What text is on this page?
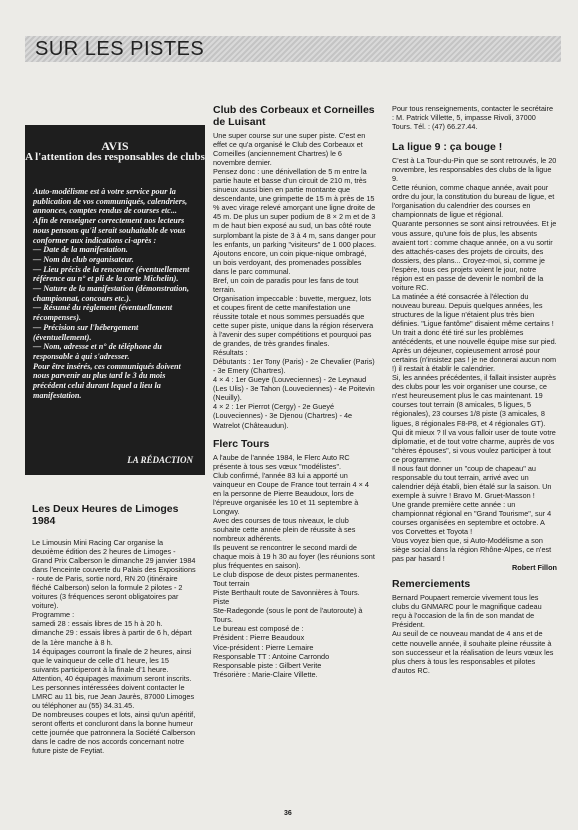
SUR LES PISTES
AVIS
A l'attention des responsables de clubs

Auto-modélisme est à votre service pour la publication de vos communiqués, calendriers, annonces, comptes rendus de courses etc...

Afin de renseigner correctement nos lecteurs nous pensons qu'il serait souhaitable de vous conformer aux indications ci-après :

— Date de la manifestation.

— Nom du club organisateur.

— Lieu précis de la rencontre (éventuellement référence au n° et pli de la carte Michelin).

— Nature de la manifestation (démonstration, championnat, concours etc.).

— Résumé du règlement (éventuellement récompenses).

— Précision sur l'hébergement (éventuellement).

— Nom, adresse et n° de téléphone du responsable à qui s'adresser.

Pour être insérés, ces communiqués doivent nous parvenir au plus tard le 3 du mois précédent celui durant lequel a lieu la manifestation.

LA RÉDACTION
Les Deux Heures de Limoges 1984

Le Limousin Mini Racing Car organise la deuxième édition des 2 heures de Limoges - Grand Prix Calberson le dimanche 29 janvier 1984 dans l'enceinte couverte du Palais des Expositions - route de Paris, sortie nord, RN 20 (itinéraire fléché Calberson) selon la formule 2 pilotes - 2 voitures (3 fréquences seront obligatoires par voiture).

Programme :

samedi 28 : essais libres de 15 h à 20 h.

dimanche 29 : essais libres à partir de 6 h, départ de la 1ère manche à 8 h.

14 équipages courront la finale de 2 heures, ainsi que le vainqueur de celle d'1 heure, les 15 suivants participeront à la finale d'1 heure.

Attention, 40 équipages maximum seront inscrits. Les personnes intéressées doivent contacter le LMRC au 11 bis, rue Jean Jaurès, 87000 Limoges ou téléphoner au (55) 34.31.45.

De nombreuses coupes et lots, ainsi qu'un apéritif, seront offerts et concluront dans la bonne humeur cette journée que patronnera la Société Calberson dans le cadre de nos accords concernant notre future piste de Feytiat.

Club des Corbeaux et Corneilles de Luisant

Une super course sur une super piste. C'est en effet ce qu'a organisé le Club des Corbeaux et Corneilles (anciennement Chartres) le 6 novembre dernier.

Pensez donc : une dénivellation de 5 m entre la partie haute et basse d'un circuit de 210 m, très sinueux aussi bien en partie montante que descendante, une grimpette de 15 m à près de 15 % avec virage relevé amorçant une ligne droite de 45 m. De plus un super podium de 8 × 2 m et de 3 m de haut bien exposé au sud, un bas côté route surplombant la piste de 3 à 4 m, sans danger pour les enfants, un parking "visiteurs" de 1 000 places.

Ajoutons encore, un coin pique-nique ombragé, un bois verdoyant, des promenades possibles dans le parc communal.

Bref, un coin de paradis pour les fans de tout terrain.

Organisation impeccable : buvette, merguez, lots et coupes firent de cette manifestation une réussite totale et nous sommes persuadés que cette super piste, unique dans la région réservera à l'avenir des super compétitions et pourquoi pas de grandes, de très grandes finales.

Résultats :

Débutants : 1er Tony (Paris) - 2e Chevalier (Paris) - 3e Emery (Chartres).

4 × 4 : 1er Gueye (Louveciennes) - 2e Leynaud (Les Ulis) - 3e Tahon (Louveciennes) - 4e Poitevin (Neuilly).

4 × 2 : 1er Pierrot (Cergy) - 2e Gueyé (Louveciennes) - 3e Djenou (Chartres) - 4e Watrelot (Châteaudun).

Flerc Tours

A l'aube de l'année 1984, le Flerc Auto RC présente à tous ses vœux "modélistes".

Club confirmé, l'année 83 lui a apporté un vainqueur en Coupe de France tout terrain 4 × 4 en la personne de Pierre Beaudoux, lors de l'épreuve organisée les 10 et 11 septembre à Longwy.

Avec des courses de tous niveaux, le club souhaite cette année plein de réussite à ses nombreux adhérents.

Ils peuvent se rencontrer le second mardi de chaque mois à 19 h 30 au foyer (les réunions sont plus fréquentes en saison).

Le club dispose de deux pistes permanentes.

Tout terrain

Piste Berthault route de Savonnières à Tours.

Piste

Ste-Radegonde (sous le pont de l'autoroute) à Tours.

Le bureau est composé de :

Président : Pierre Beaudoux

Vice-président : Pierre Lemaire

Responsable TT : Antoine Carrondo

Responsable piste : Gilbert Verite

Trésorière : Marie-Claire Villette.

Pour tous renseignements, contacter le secrétaire : M. Patrick Villette, 5, impasse Rivoli, 37000 Tours. Tél. : (47) 66.27.44.

La ligue 9 : ça bouge !

C'est à La Tour-du-Pin que se sont retrouvés, le 20 novembre, les responsables des clubs de la ligue 9.

Cette réunion, comme chaque année, avait pour ordre du jour, la constitution du bureau de ligue, et l'organisation du calendrier des courses en championnats de ligue et régional.

Quarante personnes se sont ainsi retrouvées. Et je vous assure, qu'une fois de plus, les absents avaient tort : comme chaque année, on a vu sortir des attachés-cases des projets de circuits, des dossiers, des plans... Croyez-moi, si, comme je l'espère, tous ces projets voient le jour, notre région est en passe de devenir le nombril de la voiture RC.

La matinée a été consacrée à l'élection du nouveau bureau. Depuis quelques années, les structures de la ligue n'étaient plus très bien définies. "Ligue fantôme" disaient même certains ! Un trait a donc été tiré sur les problèmes antécédents, et une nouvelle équipe mise sur pied.

Après un déjeuner, copieusement arrosé pour certains (n'insistez pas ! je ne donnerai aucun nom !) il restait à établir le calendrier.

Si, les années précédentes, il fallait insister auprès des clubs pour les voir organiser une course, ce n'est heureusement plus le cas maintenant. 19 courses tout terrain (8 amicales, 5 ligues, 5 régionales), 23 courses 1/8 piste (3 amicales, 8 ligues, 8 régionales F8-P8, et 4 régionales GT). Qui dit mieux ? Il va vous falloir user de toute votre diplomatie, et de tout votre charme, auprès de vos "chères épouses", si vous voulez participer à tout ce programme.

Il nous faut donner un "coup de chapeau" au responsable du tout terrain, arrivé avec un calendrier déjà établi, bien étalé sur la saison. Un exemple à suivre ! Bravo M. Gruet-Masson !

Une grande première cette année : un championnat régional en "Grand Tourisme", sur 4 courses organisées en septembre et octobre. A vos Corvettes et Toyota !

Vous voyez bien que, si Auto-Modélisme a son siège social dans la région Rhône-Alpes, ce n'est pas par hasard !

Robert Fillon

Remerciements

Bernard Poupaert remercie vivement tous les clubs du GNMARC pour le magnifique cadeau reçu à l'occasion de la fin de son mandat de Président.

Au seuil de ce nouveau mandat de 4 ans et de cette nouvelle année, il souhaite pleine réussite à son successeur et la réalisation de leurs vœux les plus chers à tous les responsables et pilotes d'autos RC.

36
